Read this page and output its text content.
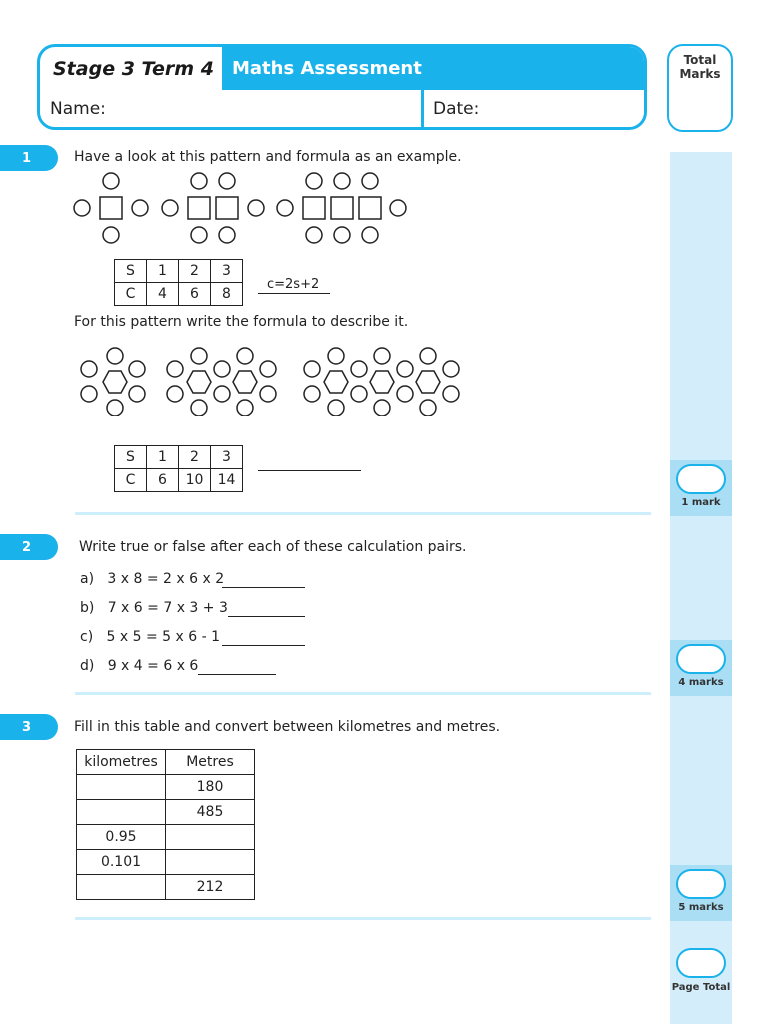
Stage 3 Term 4	Maths Assessment
Name:	Date:
Total Marks
1 mark
4 marks
5 marks
Page Total
1	Have a look at this pattern and formula as an example.
S	1	2	3
C	4	6	8
c=2s+2
For this pattern write the formula to describe it.
S	1	2	3
C	6	10	14
2	Write true or false after each of these calculation pairs.
a)   3 x 8 = 2 x 6 x 2
b)   7 x 6 = 7 x 3 + 3
c)   5 x 5 = 5 x 6 - 1
d)   9 x 4 = 6 x 6
3	Fill in this table and convert between kilometres and metres.
kilometres	Metres
	180
	485
0.95	
0.101	
	212
